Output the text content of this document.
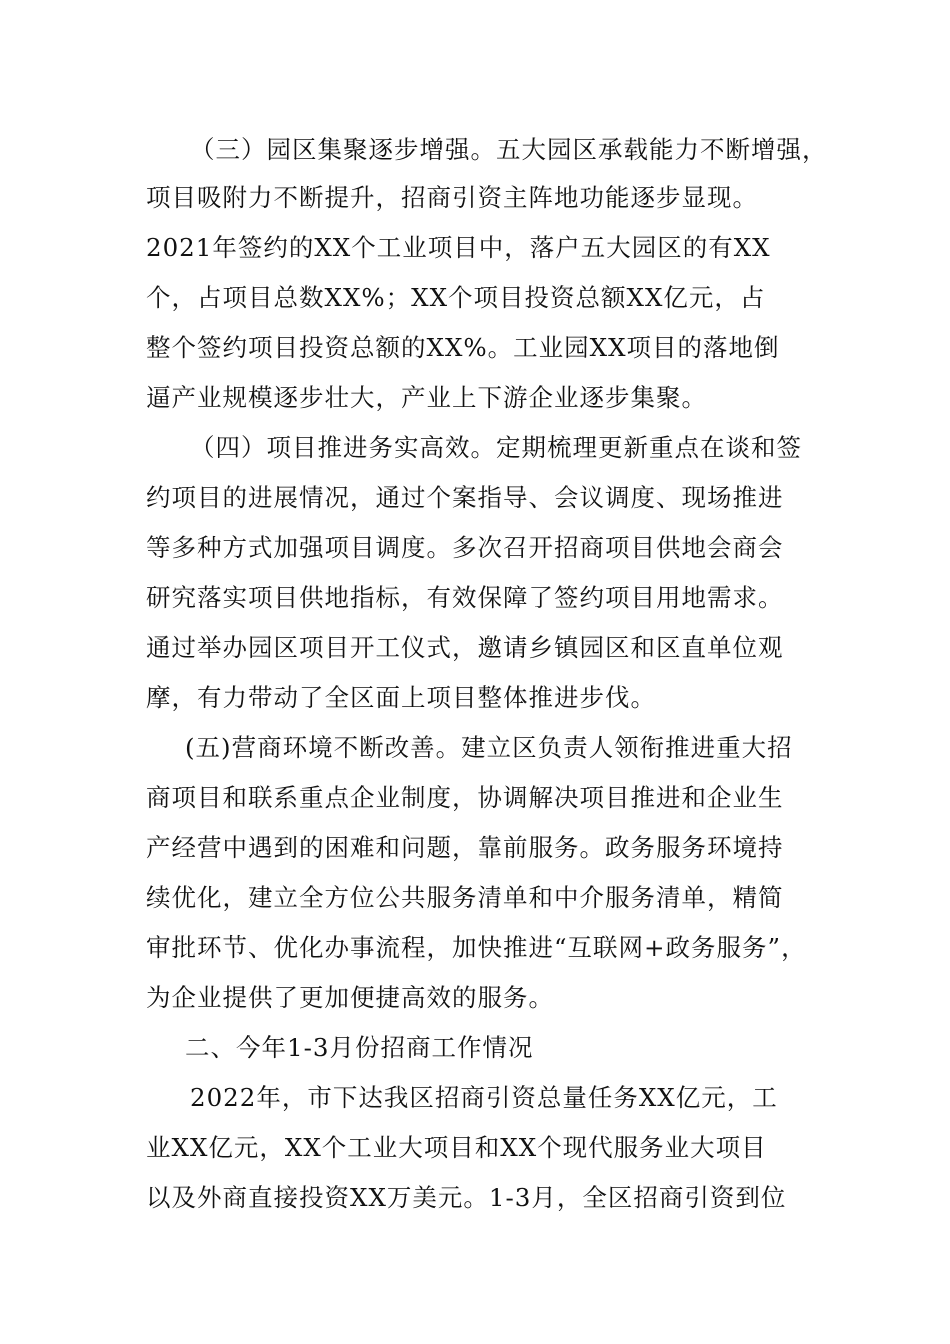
（三）园区集聚逐步增强。五大园区承载能力不断增强，

项目吸附力不断提升，招商引资主阵地功能逐步显现。

2021年签约的XX个工业项目中，落户五大园区的有XX

个，占项目总数XX%；XX个项目投资总额XX亿元，占

整个签约项目投资总额的XX%。工业园XX项目的落地倒

逼产业规模逐步壮大，产业上下游企业逐步集聚。

（四）项目推进务实高效。定期梳理更新重点在谈和签

约项目的进展情况，通过个案指导、会议调度、现场推进

等多种方式加强项目调度。多次召开招商项目供地会商会

研究落实项目供地指标，有效保障了签约项目用地需求。

通过举办园区项目开工仪式，邀请乡镇园区和区直单位观

摩，有力带动了全区面上项目整体推进步伐。

(五)营商环境不断改善。建立区负责人领衔推进重大招

商项目和联系重点企业制度，协调解决项目推进和企业生

产经营中遇到的困难和问题，靠前服务。政务服务环境持

续优化，建立全方位公共服务清单和中介服务清单，精简

审批环节、优化办事流程，加快推进“互联网+政务服务”，

为企业提供了更加便捷高效的服务。

二、今年1-3月份招商工作情况

2022年，市下达我区招商引资总量任务XX亿元，工

业XX亿元，XX个工业大项目和XX个现代服务业大项目

以及外商直接投资XX万美元。1-3月，全区招商引资到位
